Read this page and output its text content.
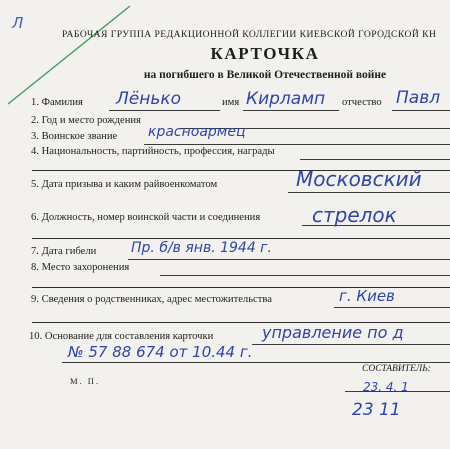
Л
РАБОЧАЯ ГРУППА РЕДАКЦИОННОЙ КОЛЛЕГИИ КИЕВСКОЙ ГОРОДСКОЙ КН
КАРТОЧКА
на погибшего в Великой Отечественной войне
1. Фамилия Лёнько	имя Кирламп отчество Павл
2. Год и место рождения
3. Воинское звание красноармец
4. Национальность, партийность, профессия, награды
5. Дата призыва и каким райвоенкоматом	Московский
6. Должность, номер воинской части и соединения	стрелок
7. Дата гибели Пр. б/в янв. 1944 г.
8. Место захоронения
9. Сведения о родственниках, адрес местожительства	г. Киев
10. Основание для составления карточки	управление по д
№ 57 88 674 от 10.44 г.
М. П.
СОСТАВИТЕЛЬ:
23. 4. 1
23 11
